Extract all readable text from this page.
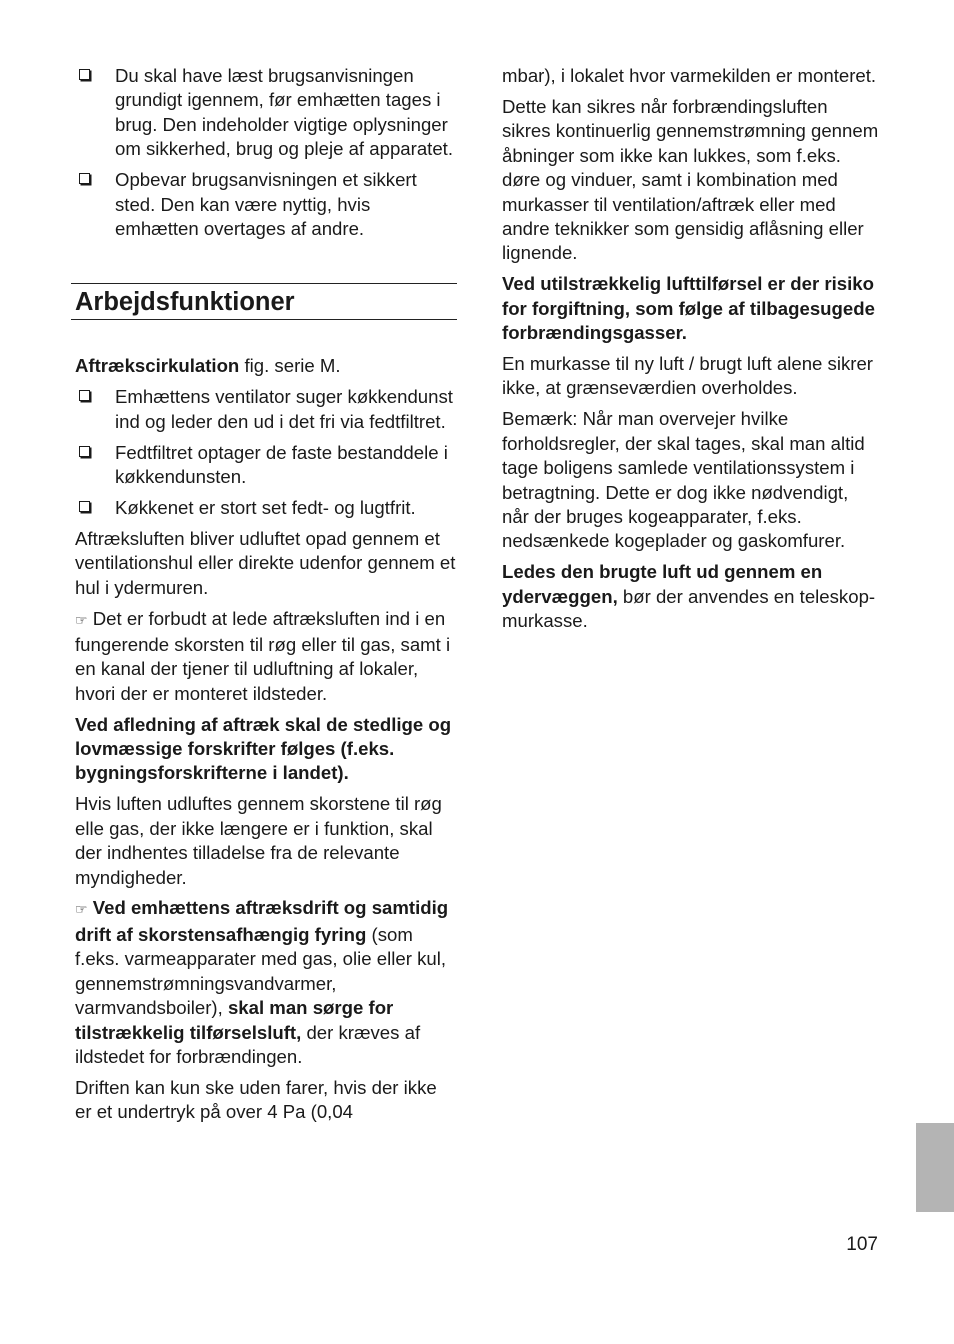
Du skal have læst brugsanvisningen grundigt igennem, før emhætten tages i brug. Den indeholder vigtige oplysninger om sikkerhed, brug og pleje af apparatet.
Opbevar brugsanvisningen et sikkert sted. Den kan være nyttig, hvis emhætten overtages af andre.
Arbejdsfunktioner

Aftrækscirkulation fig. serie M.

Emhættens ventilator suger køkkendunst ind og leder den ud i det fri via fedtfiltret.
Fedtfiltret optager de faste bestanddele i køkkendunsten.
Køkkenet er stort set fedt- og lugtfrit.

Aftræksluften bliver udluftet opad gennem et ventilationshul eller direkte udenfor gennem et hul i ydermuren.

☞ Det er forbudt at lede aftræksluften ind i en fungerende skorsten til røg eller til gas, samt i en kanal der tjener til udluftning af lokaler, hvori der er monteret ildsteder.

Ved afledning af aftræk skal de stedlige og lovmæssige forskrifter følges (f.eks. bygningsforskrifterne i landet).

Hvis luften udluftes gennem skorstene til røg elle gas, der ikke længere er i funktion, skal der indhentes tilladelse fra de relevante myndigheder.

☞ Ved emhættens aftræksdrift og samtidig drift af skorstensafhængig fyring (som f.eks. varmeapparater med gas, olie eller kul, gennemstrømningsvandvarmer, varmvandsboiler), skal man sørge for tilstrækkelig tilførselsluft, der kræves af ildstedet for forbrændingen.

Driften kan kun ske uden farer, hvis der ikke er et undertryk på over 4 Pa (0,04

mbar), i lokalet hvor varmekilden er monteret.

Dette kan sikres når forbrændingsluften sikres kontinuerlig gennemstrømning gennem åbninger som ikke kan lukkes, som f.eks. døre og vinduer, samt i kombination med murkasser til ventilation/aftræk eller med andre teknikker som gensidig aflåsning eller lignende.

Ved utilstrækkelig lufttilførsel er der risiko for forgiftning, som følge af tilbagesugede forbrændingsgasser.

En murkasse til ny luft / brugt luft alene sikrer ikke, at grænseværdien overholdes.

Bemærk: Når man overvejer hvilke forholdsregler, der skal tages, skal man altid tage boligens samlede ventilationssystem i betragtning. Dette er dog ikke nødvendigt, når der bruges kogeapparater, f.eks. nedsænkede kogeplader og gaskomfurer.

Ledes den brugte luft ud gennem en ydervæggen, bør der anvendes en teleskop-murkasse.

107
